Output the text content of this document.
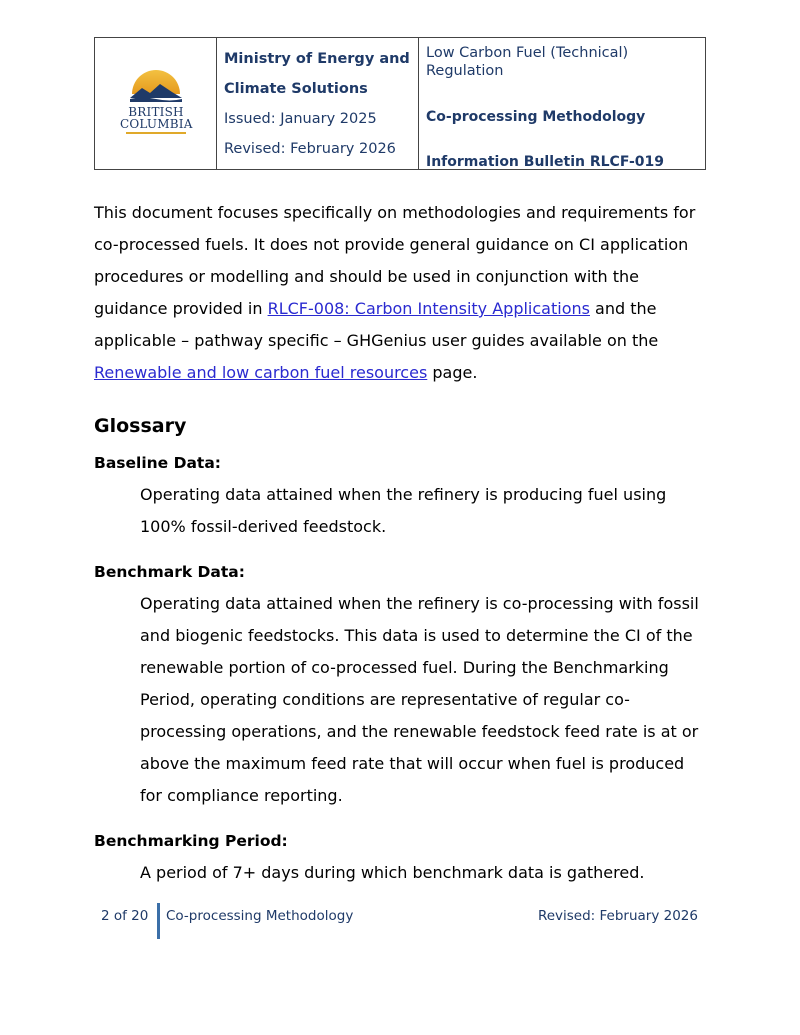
BRITISH
COLUMBIA
Ministry of Energy and
Climate Solutions
Issued: January 2025
Revised: February 2026
Low Carbon Fuel (Technical) Regulation
Co-processing Methodology
Information Bulletin RLCF-019

This document focuses specifically on methodologies and requirements for co-processed fuels. It does not provide general guidance on CI application procedures or modelling and should be used in conjunction with the guidance provided in RLCF-008: Carbon Intensity Applications and the applicable – pathway specific – GHGenius user guides available on the Renewable and low carbon fuel resources page.

Glossary

Baseline Data:

Operating data attained when the refinery is producing fuel using 100% fossil-derived feedstock.

Benchmark Data:

Operating data attained when the refinery is co-processing with fossil and biogenic feedstocks. This data is used to determine the CI of the renewable portion of co-processed fuel. During the Benchmarking Period, operating conditions are representative of regular co-processing operations, and the renewable feedstock feed rate is at or above the maximum feed rate that will occur when fuel is produced for compliance reporting.

Benchmarking Period:

A period of 7+ days during which benchmark data is gathered.

2 of 20 Co-processing Methodology	Revised: February 2026
